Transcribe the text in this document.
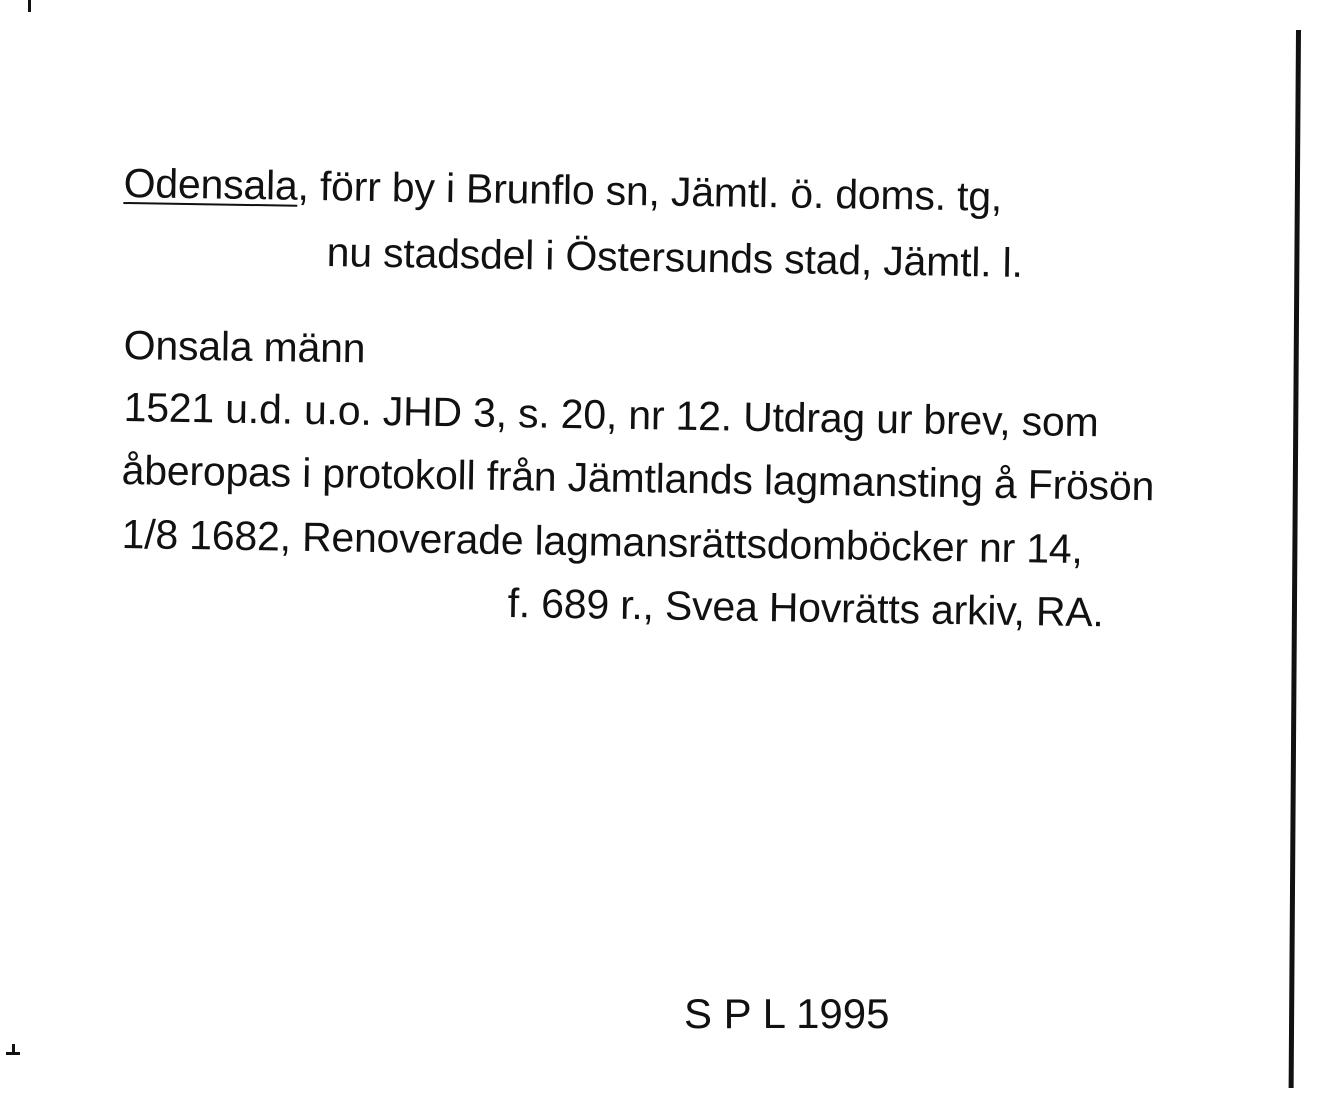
Odensala, förr by i Brunflo sn, Jämtl. ö. doms. tg,
nu stadsdel i Östersunds stad, Jämtl. l.
Onsala männ
1521 u.d. u.o. JHD 3, s. 20, nr 12. Utdrag ur brev, som
åberopas i protokoll från Jämtlands lagmansting å Frösön
1/8 1682, Renoverade lagmansrättsdomböcker nr 14,
f. 689 r., Svea Hovrätts arkiv, RA.
S P L 1995
